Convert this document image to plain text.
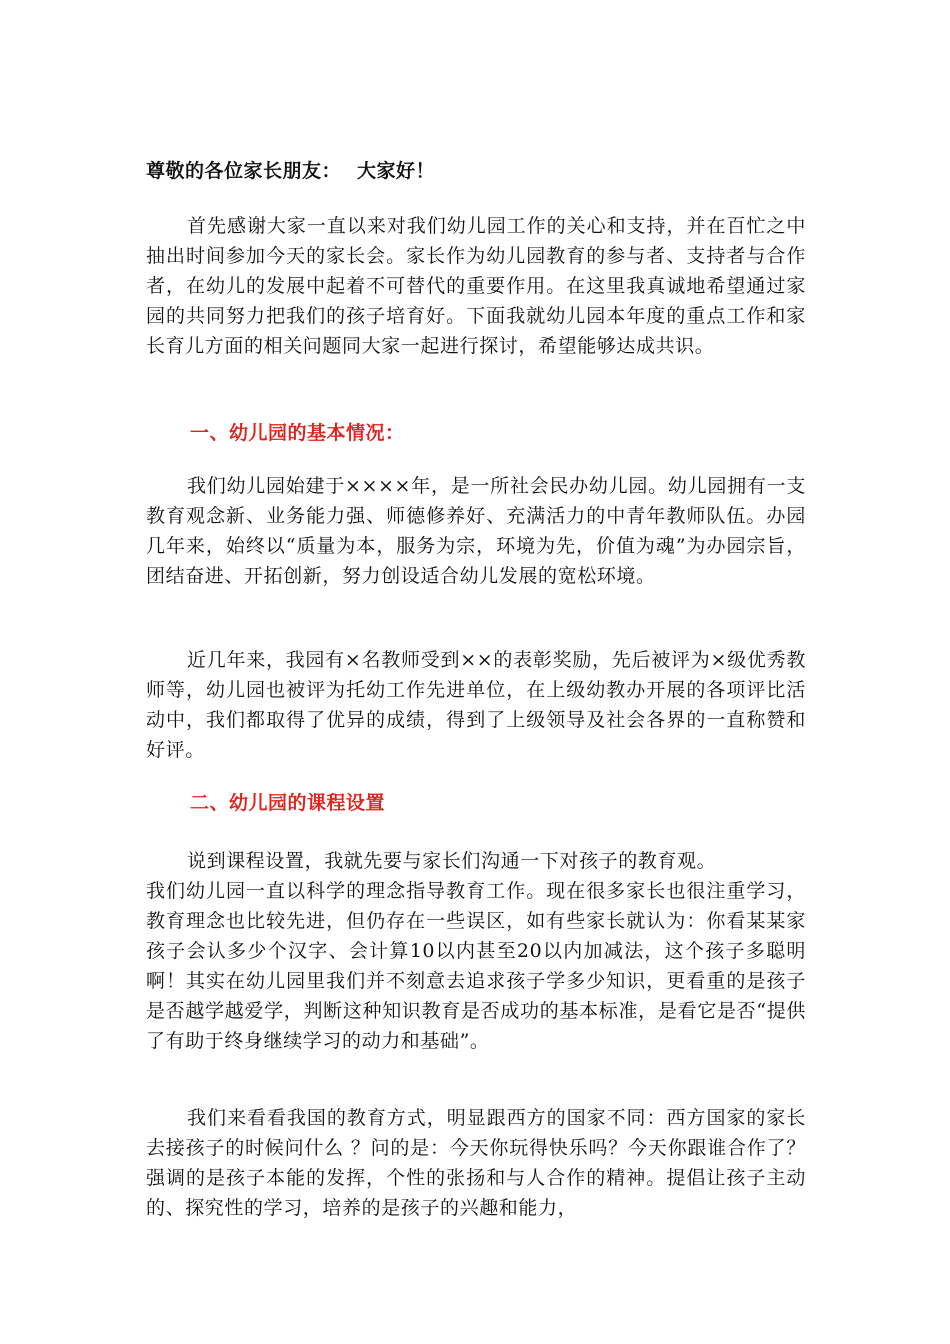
尊敬的各位家长朋友： 大家好！

首先感谢大家一直以来对我们幼儿园工作的关心和支持，并在百忙之中抽出时间参加今天的家长会。家长作为幼儿园教育的参与者、支持者与合作者，在幼儿的发展中起着不可替代的重要作用。在这里我真诚地希望通过家园的共同努力把我们的孩子培育好。下面我就幼儿园本年度的重点工作和家长育儿方面的相关问题同大家一起进行探讨，希望能够达成共识。

一、幼儿园的基本情况：

我们幼儿园始建于××××年，是一所社会民办幼儿园。幼儿园拥有一支教育观念新、业务能力强、师德修养好、充满活力的中青年教师队伍。办园几年来，始终以“质量为本，服务为宗，环境为先，价值为魂”为办园宗旨，团结奋进、开拓创新，努力创设适合幼儿发展的宽松环境。

近几年来，我园有×名教师受到××的表彰奖励，先后被评为×级优秀教师等，幼儿园也被评为托幼工作先进单位，在上级幼教办开展的各项评比活动中，我们都取得了优异的成绩，得到了上级领导及社会各界的一直称赞和好评。

二、幼儿园的课程设置
说到课程设置，我就先要与家长们沟通一下对孩子的教育观。
我们幼儿园一直以科学的理念指导教育工作。现在很多家长也很注重学习，教育理念也比较先进，但仍存在一些误区，如有些家长就认为：你看某某家孩子会认多少个汉字、会计算10以内甚至20以内加减法，这个孩子多聪明啊！其实在幼儿园里我们并不刻意去追求孩子学多少知识，更看重的是孩子是否越学越爱学，判断这种知识教育是否成功的基本标准，是看它是否“提供了有助于终身继续学习的动力和基础”。

我们来看看我国的教育方式，明显跟西方的国家不同：西方国家的家长去接孩子的时候问什么 ？问的是：今天你玩得快乐吗？今天你跟谁合作了？强调的是孩子本能的发挥，个性的张扬和与人合作的精神。提倡让孩子主动的、探究性的学习，培养的是孩子的兴趣和能力，
